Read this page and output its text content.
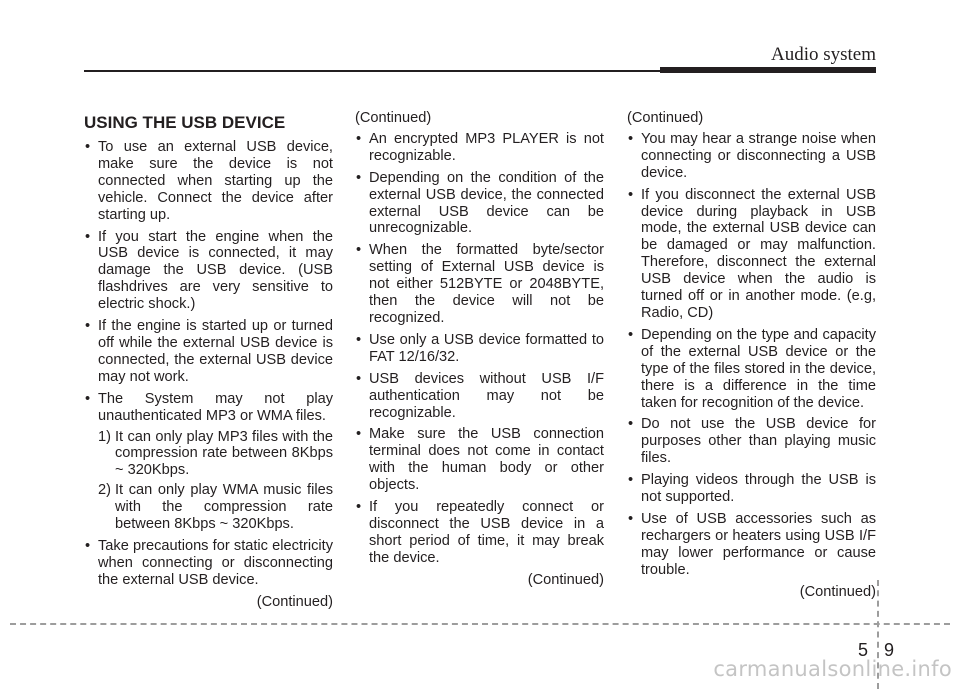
Audio system
USING THE USB DEVICE
• To use an external USB device, make sure the device is not connected when starting up the vehicle. Connect the device after starting up.
• If you start the engine when the USB device is connected, it may damage the USB device. (USB flashdrives are very sensitive to electric shock.)
• If the engine is started up or turned off while the external USB device is connected, the external USB device may not work.
• The System may not play unauthenticated MP3 or WMA files.
1) It can only play MP3 files with the compression rate between 8Kbps ~ 320Kbps.
2) It can only play WMA music files with the compression rate between 8Kbps ~ 320Kbps.
• Take precautions for static electricity when connecting or disconnecting the external USB device.
(Continued)
(Continued)
• An encrypted MP3 PLAYER is not recognizable.
• Depending on the condition of the external USB device, the connected external USB device can be unrecognizable.
• When the formatted byte/sector setting of External USB device is not either 512BYTE or 2048BYTE, then the device will not be recognized.
• Use only a USB device formatted to FAT 12/16/32.
• USB devices without USB I/F authentication may not be recognizable.
• Make sure the USB connection terminal does not come in contact with the human body or other objects.
• If you repeatedly connect or disconnect the USB device in a short period of time, it may break the device.
(Continued)
(Continued)
• You may hear a strange noise when connecting or disconnecting a USB device.
• If you disconnect the external USB device during playback in USB mode, the external USB device can be damaged or may malfunction. Therefore, disconnect the external USB device when the audio is turned off or in another mode. (e.g, Radio, CD)
• Depending on the type and capacity of the external USB device or the type of the files stored in the device, there is a difference in the time taken for recognition of the device.
• Do not use the USB device for purposes other than playing music files.
• Playing videos through the USB is not supported.
• Use of USB accessories such as rechargers or heaters using USB I/F may lower performance or cause trouble.
(Continued)
5 9
carmanualsonline.info
